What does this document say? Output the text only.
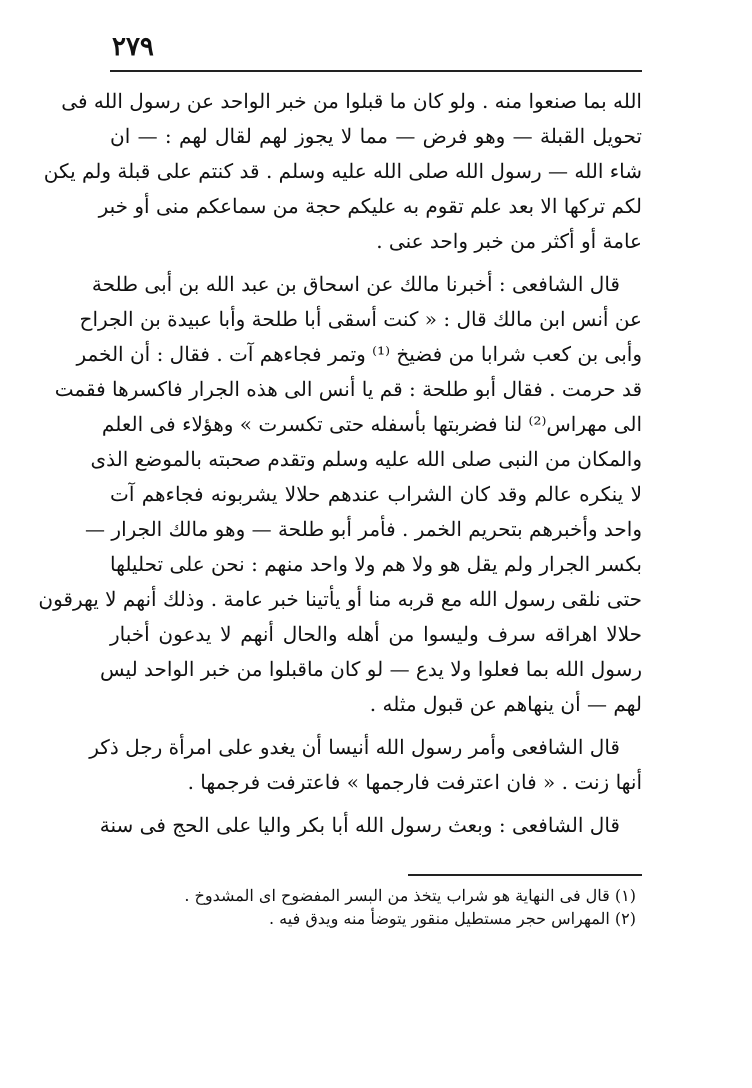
٢٧٩
الله بما صنعوا منه . ولو كان ما قبلوا من خبر الواحد عن رسول الله فى
تحويل القبلة — وهو فرض — مما لا يجوز لهم لقال لهم : — ان
شاء الله — رسول الله صلى الله عليه وسلم . قد كنتم على قبلة ولم يكن
لكم تركها الا بعد علم تقوم به عليكم حجة من سماعكم منى أو خبر
عامة أو أكثر من خبر واحد عنى .
قال الشافعى : أخبرنا مالك عن اسحاق بن عبد الله بن أبى طلحة
عن أنس ابن مالك قال : « كنت أسقى أبا طلحة وأبا عبيدة بن الجراح
وأبى بن كعب شرابا من فضيخ ⁽¹⁾ وتمر فجاءهم آت . فقال : أن الخمر
قد حرمت . فقال أبو طلحة : قم يا أنس الى هذه الجرار فاكسرها فقمت
الى مهراس⁽²⁾ لنا فضربتها بأسفله حتى تكسرت » وهؤلاء فى العلم
والمكان من النبى صلى الله عليه وسلم وتقدم صحبته بالموضع الذى
لا ينكره عالم وقد كان الشراب عندهم حلالا يشربونه فجاءهم آت
واحد وأخبرهم بتحريم الخمر . فأمر أبو طلحة — وهو مالك الجرار —
بكسر الجرار ولم يقل هو ولا هم ولا واحد منهم : نحن على تحليلها
حتى نلقى رسول الله مع قربه منا أو يأتينا خبر عامة . وذلك أنهم لا يهرقون
حلالا اهراقه سرف وليسوا من أهله والحال أنهم لا يدعون أخبار
رسول الله بما فعلوا ولا يدع — لو كان ماقبلوا من خبر الواحد ليس
لهم — أن ينهاهم عن قبول مثله .
قال الشافعى وأمر رسول الله أنيسا أن يغدو على امرأة رجل ذكر
أنها زنت . « فان اعترفت فارجمها » فاعترفت فرجمها .
قال الشافعى : وبعث رسول الله أبا بكر واليا على الحج فى سنة
(١) قال فى النهاية هو شراب يتخذ من البسر المفضوح اى المشدوخ .
(٢) المهراس حجر مستطيل منقور يتوضأ منه ويدق فيه .
